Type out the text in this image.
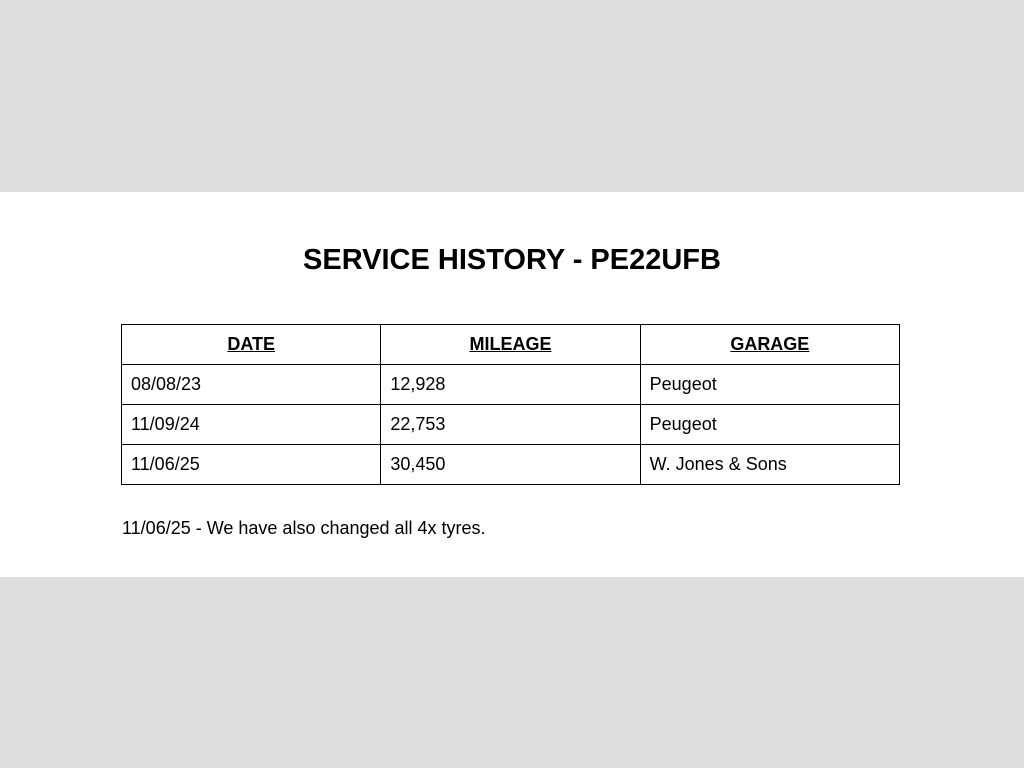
SERVICE HISTORY - PE22UFB
DATE	MILEAGE	GARAGE
08/08/23	12,928	Peugeot
11/09/24	22,753	Peugeot
11/06/25	30,450	W. Jones & Sons

11/06/25 - We have also changed all 4x tyres.
